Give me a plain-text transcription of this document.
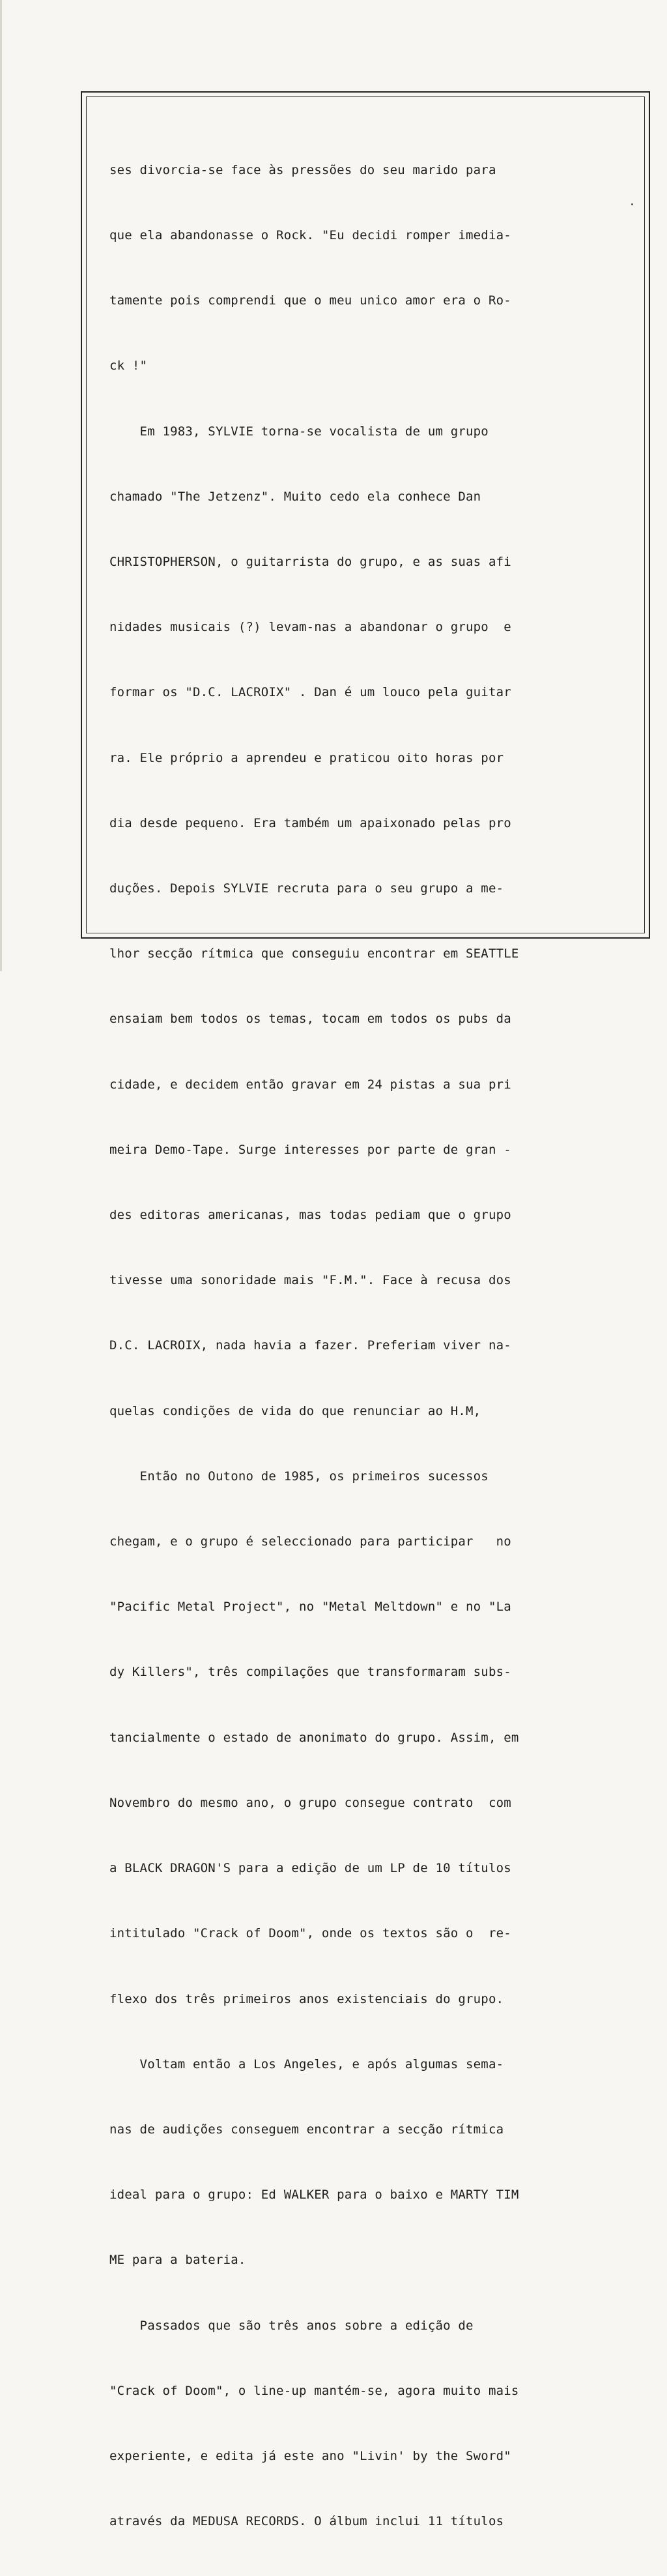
ses divorcia-se face às pressões do seu marido para

que ela abandonasse o Rock. "Eu decidi romper imedia-

tamente pois comprendi que o meu unico amor era o Ro-

ck !"

Em 1983, SYLVIE torna-se vocalista de um grupo

chamado "The Jetzenz". Muito cedo ela conhece Dan

CHRISTOPHERSON, o guitarrista do grupo, e as suas afi

nidades musicais (?) levam-nas a abandonar o grupo  e

formar os "D.C. LACROIX" . Dan é um louco pela guitar

ra. Ele próprio a aprendeu e praticou oito horas por

dia desde pequeno. Era também um apaixonado pelas pro

duções. Depois SYLVIE recruta para o seu grupo a me-

lhor secção rítmica que conseguiu encontrar em SEATTLE

ensaiam bem todos os temas, tocam em todos os pubs da

cidade, e decidem então gravar em 24 pistas a sua pri

meira Demo-Tape. Surge interesses por parte de gran -

des editoras americanas, mas todas pediam que o grupo

tivesse uma sonoridade mais "F.M.". Face à recusa dos

D.C. LACROIX, nada havia a fazer. Preferiam viver na-

quelas condições de vida do que renunciar ao H.M,

Então no Outono de 1985, os primeiros sucessos

chegam, e o grupo é seleccionado para participar   no

"Pacific Metal Project", no "Metal Meltdown" e no "La

dy Killers", três compilações que transformaram subs-

tancialmente o estado de anonimato do grupo. Assim, em

Novembro do mesmo ano, o grupo consegue contrato  com

a BLACK DRAGON'S para a edição de um LP de 10 títulos

intitulado "Crack of Doom", onde os textos são o  re-

flexo dos três primeiros anos existenciais do grupo.

Voltam então a Los Angeles, e após algumas sema-

nas de audições conseguem encontrar a secção rítmica

ideal para o grupo: Ed WALKER para o baixo e MARTY TIM

ME para a bateria.

Passados que são três anos sobre a edição de

"Crack of Doom", o line-up mantém-se, agora muito mais

experiente, e edita já este ano "Livin' by the Sword"

através da MEDUSA RECORDS. O álbum inclui 11 títulos
